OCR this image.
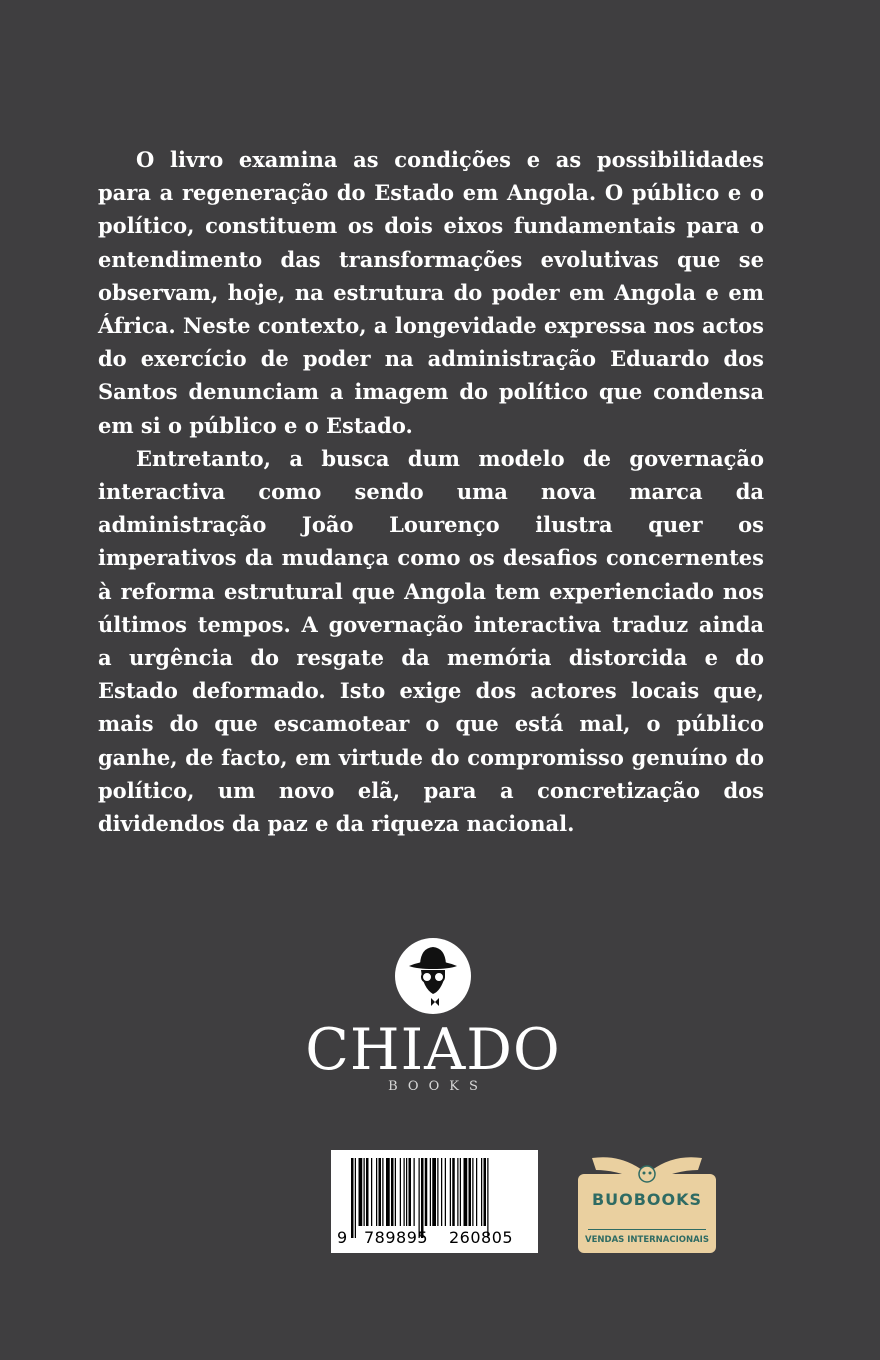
O livro examina as condições e as possibilidades para a regeneração do Estado em Angola. O público e o político, constituem os dois eixos fundamentais para o entendimento das transformações evolutivas que se observam, hoje, na estrutura do poder em Angola e em África. Neste contexto, a longevidade expressa nos actos do exercício de poder na administração Eduardo dos Santos denunciam a imagem do político que condensa em si o público e o Estado.

Entretanto, a busca dum modelo de governação interactiva como sendo uma nova marca da administração João Lourenço ilustra quer os imperativos da mudança como os desafios concernentes à reforma estrutural que Angola tem experienciado nos últimos tempos. A governação interactiva traduz ainda a urgência do resgate da memória distorcida e do Estado deformado. Isto exige dos actores locais que, mais do que escamotear o que está mal, o público ganhe, de facto, em virtude do compromisso genuíno do político, um novo elã, para a concretização dos dividendos da paz e da riqueza nacional.

CHIADO
BOOKS
9 789895 260805
BUOBOOKS
VENDAS INTERNACIONAIS
